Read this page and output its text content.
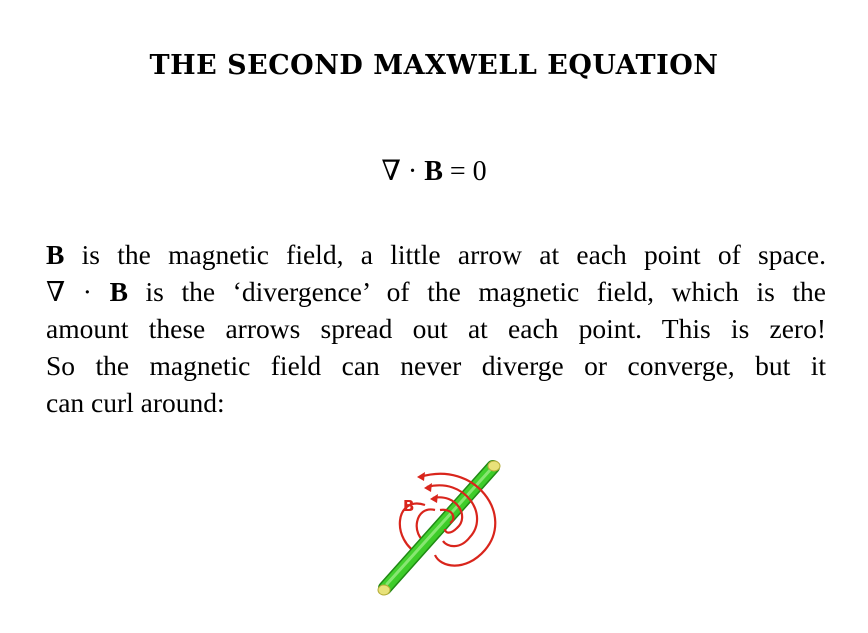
THE SECOND MAXWELL EQUATION
∇ · B = 0
B is the magnetic field, a little arrow at each point of space.
∇ · B is the ‘divergence’ of the magnetic field, which is the
amount these arrows spread out at each point. This is zero!
So the magnetic field can never diverge or converge, but it
can curl around:
B
